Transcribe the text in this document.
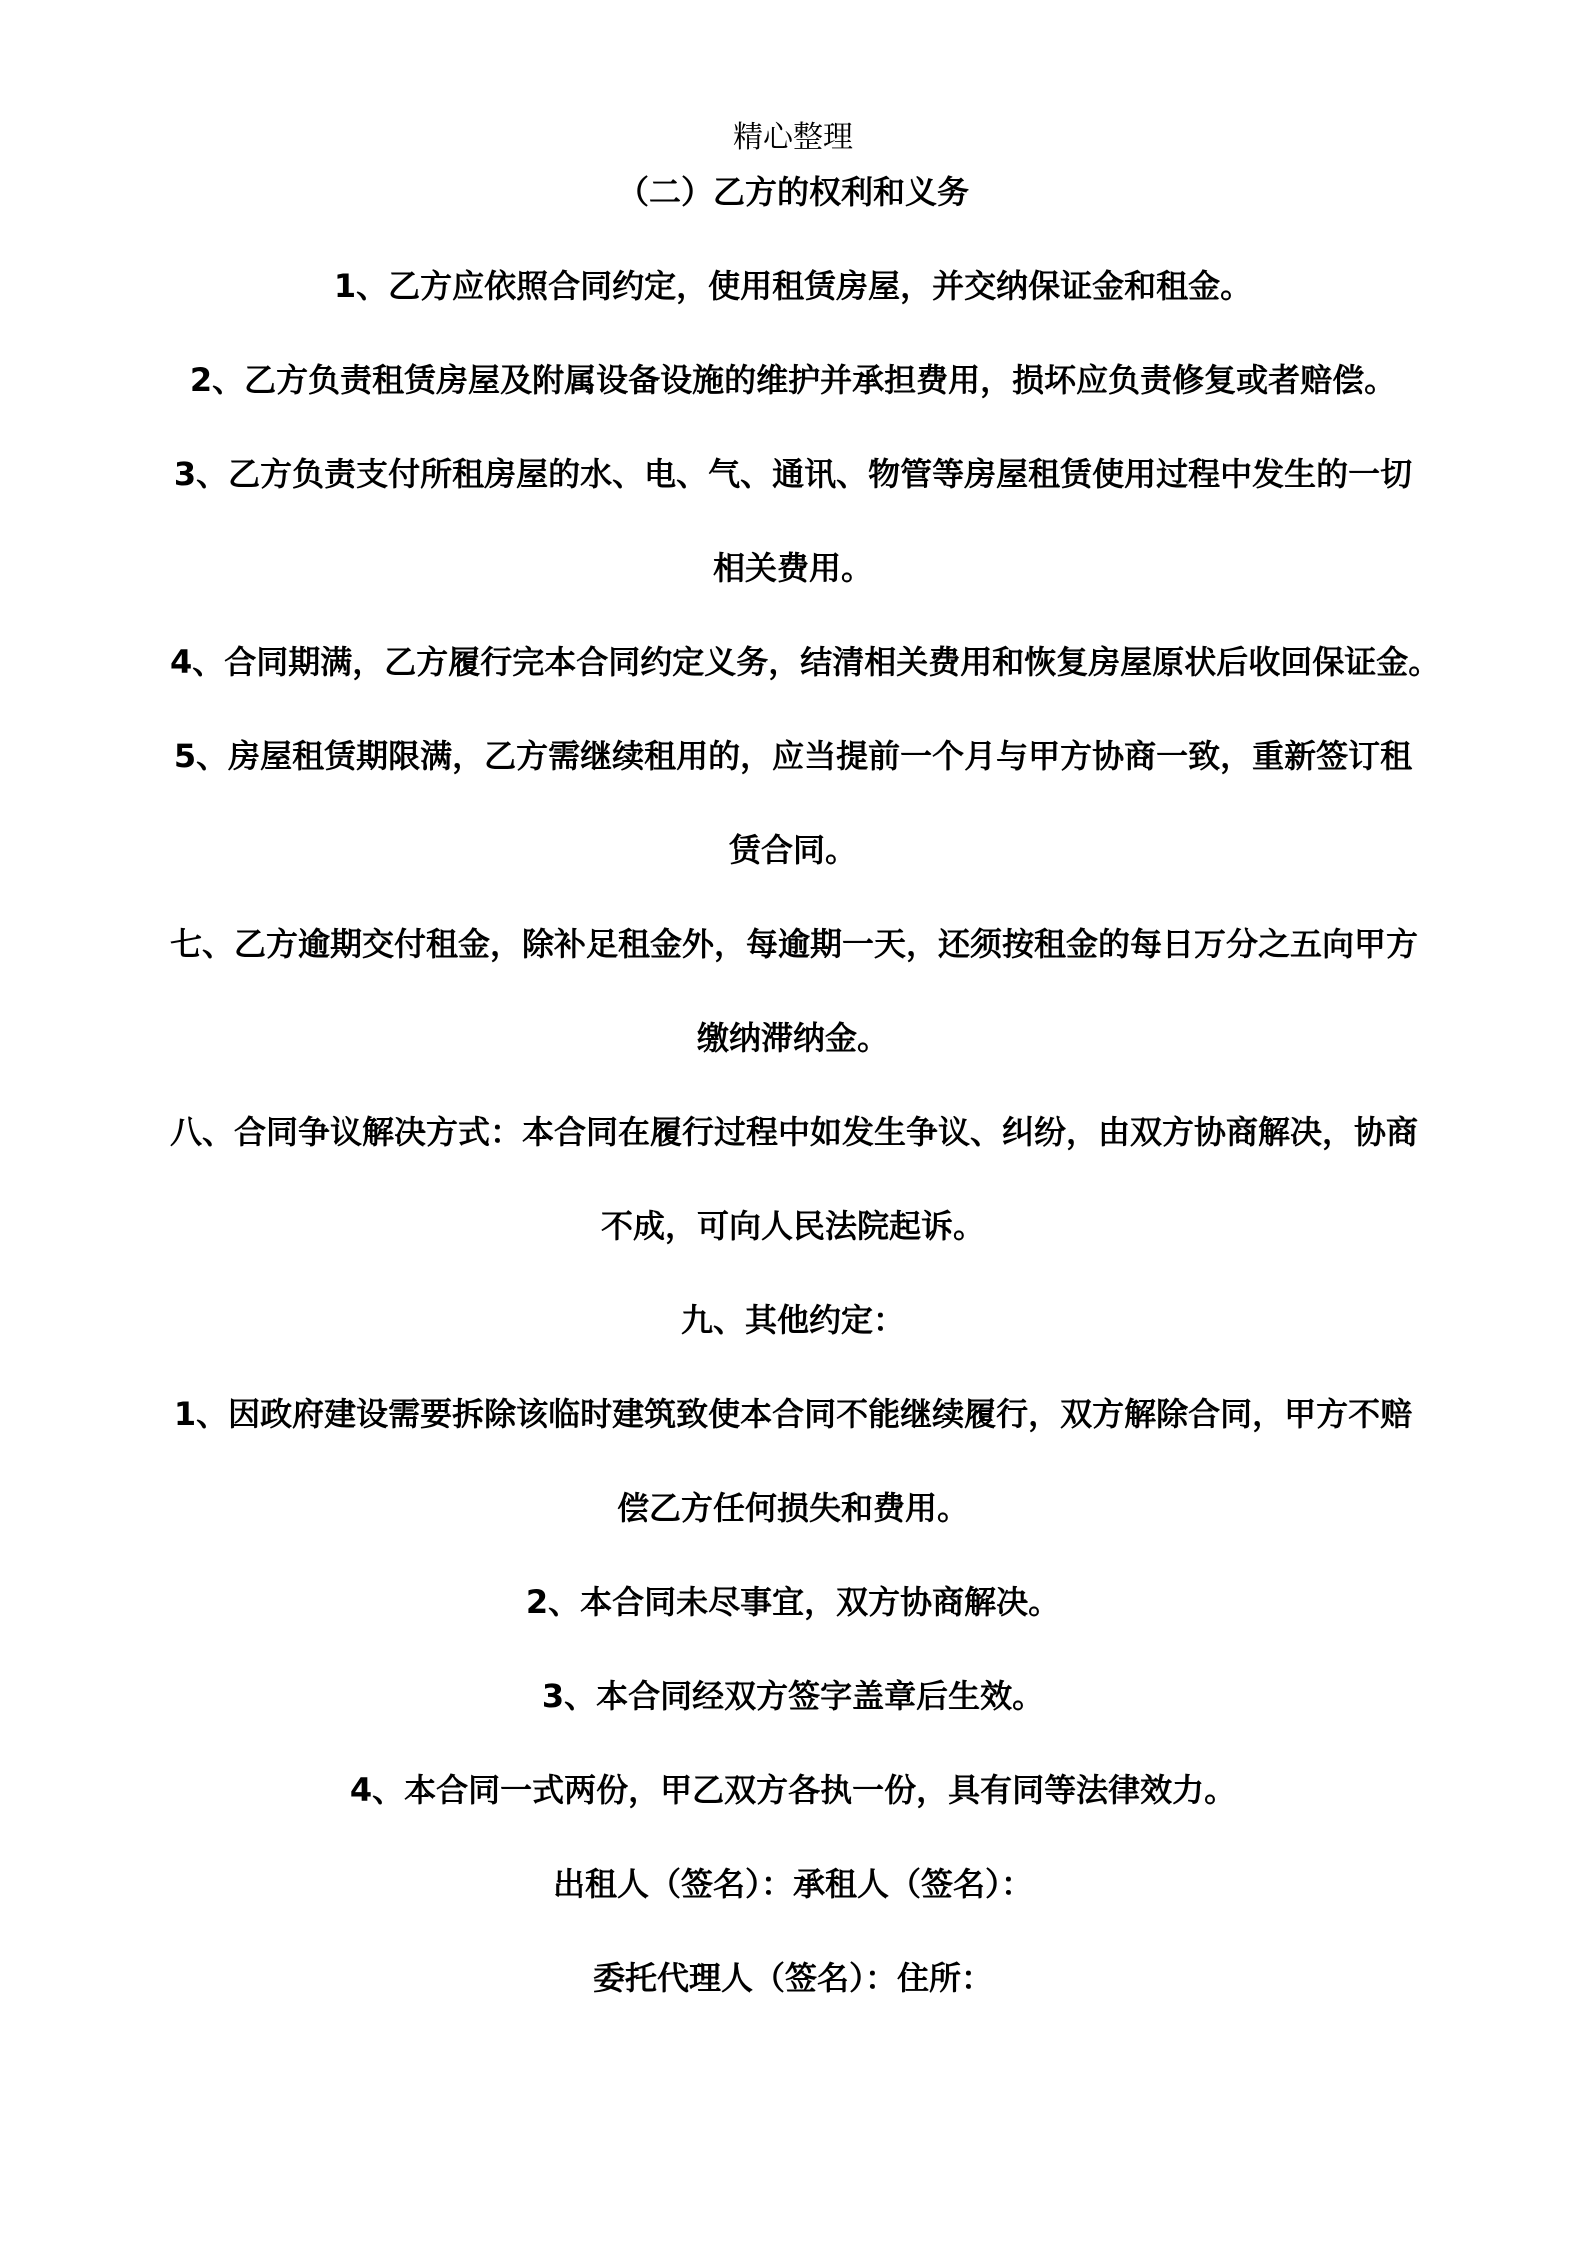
精心整理
（二）乙方的权利和义务
1、乙方应依照合同约定，使用租赁房屋，并交纳保证金和租金。
2、乙方负责租赁房屋及附属设备设施的维护并承担费用，损坏应负责修复或者赔偿。
3、乙方负责支付所租房屋的水、电、气、通讯、物管等房屋租赁使用过程中发生的一切
相关费用。
4、合同期满，乙方履行完本合同约定义务，结清相关费用和恢复房屋原状后收回保证金。
5、房屋租赁期限满，乙方需继续租用的，应当提前一个月与甲方协商一致，重新签订租
赁合同。
七、乙方逾期交付租金，除补足租金外，每逾期一天，还须按租金的每日万分之五向甲方
缴纳滞纳金。
八、合同争议解决方式：本合同在履行过程中如发生争议、纠纷，由双方协商解决，协商
不成，可向人民法院起诉。
九、其他约定：
1、因政府建设需要拆除该临时建筑致使本合同不能继续履行，双方解除合同，甲方不赔
偿乙方任何损失和费用。
2、本合同未尽事宜，双方协商解决。
3、本合同经双方签字盖章后生效。
4、本合同一式两份，甲乙双方各执一份，具有同等法律效力。
出租人（签名）：承租人（签名）：
委托代理人（签名）：住所：
